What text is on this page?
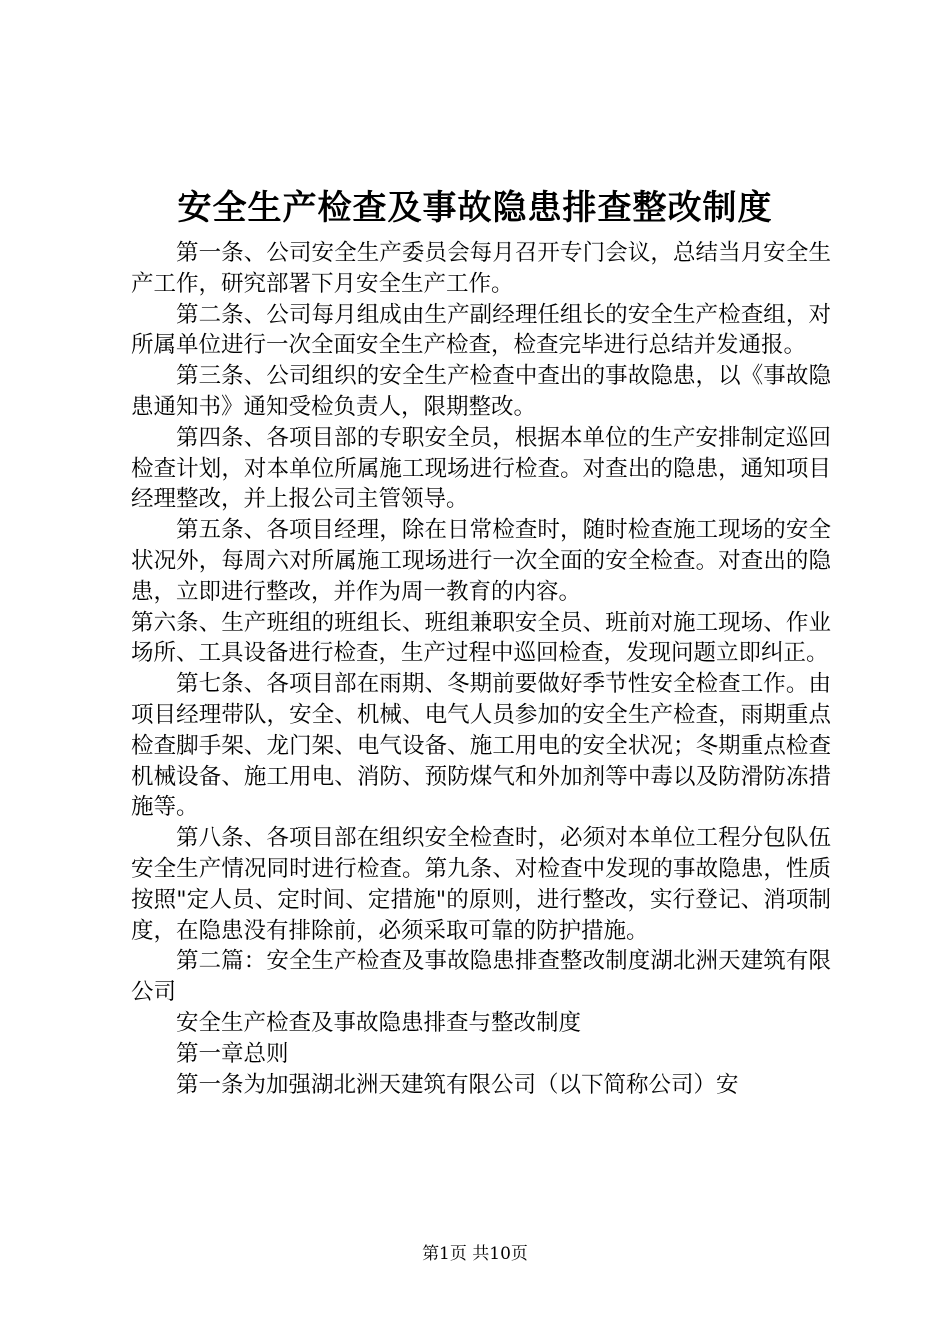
安全生产检查及事故隐患排查整改制度

第一条、公司安全生产委员会每月召开专门会议，总结当月安全生产工作，研究部署下月安全生产工作。

第二条、公司每月组成由生产副经理任组长的安全生产检查组，对所属单位进行一次全面安全生产检查，检查完毕进行总结并发通报。

第三条、公司组织的安全生产检查中查出的事故隐患，以《事故隐患通知书》通知受检负责人，限期整改。

第四条、各项目部的专职安全员，根据本单位的生产安排制定巡回检查计划，对本单位所属施工现场进行检查。对查出的隐患，通知项目经理整改，并上报公司主管领导。

第五条、各项目经理，除在日常检查时，随时检查施工现场的安全状况外，每周六对所属施工现场进行一次全面的安全检查。对查出的隐患，立即进行整改，并作为周一教育的内容。

第六条、生产班组的班组长、班组兼职安全员、班前对施工现场、作业场所、工具设备进行检查，生产过程中巡回检查，发现问题立即纠正。

第七条、各项目部在雨期、冬期前要做好季节性安全检查工作。由项目经理带队，安全、机械、电气人员参加的安全生产检查，雨期重点检查脚手架、龙门架、电气设备、施工用电的安全状况；冬期重点检查机械设备、施工用电、消防、预防煤气和外加剂等中毒以及防滑防冻措施等。

第八条、各项目部在组织安全检查时，必须对本单位工程分包队伍安全生产情况同时进行检查。第九条、对检查中发现的事故隐患，性质按照"定人员、定时间、定措施"的原则，进行整改，实行登记、消项制度，在隐患没有排除前，必须采取可靠的防护措施。

第二篇：安全生产检查及事故隐患排查整改制度湖北洲天建筑有限公司

安全生产检查及事故隐患排查与整改制度

第一章总则

第一条为加强湖北洲天建筑有限公司（以下简称公司）安

第1页 共10页
